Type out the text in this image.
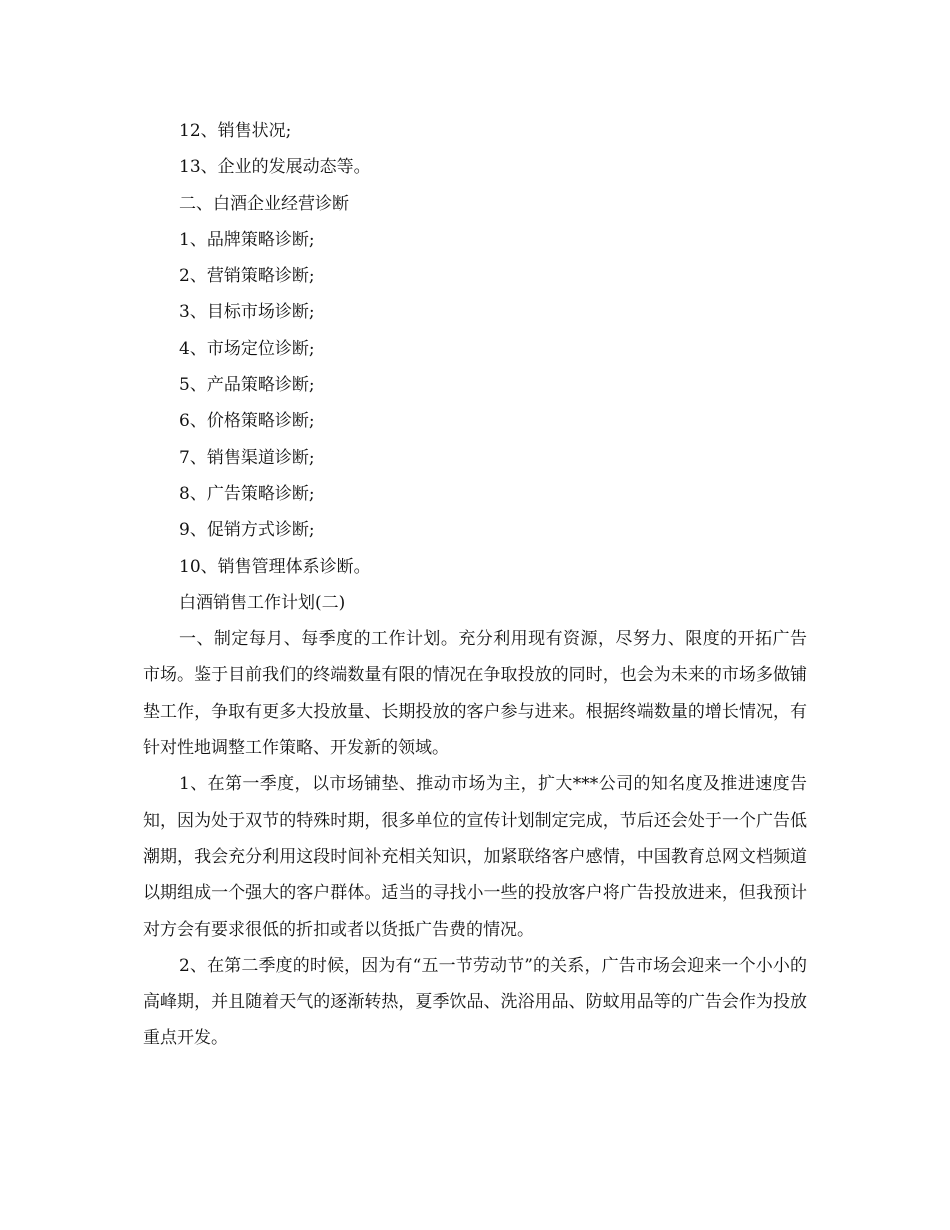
12、销售状况;

13、企业的发展动态等。

二、白酒企业经营诊断

1、品牌策略诊断;

2、营销策略诊断;

3、目标市场诊断;

4、市场定位诊断;

5、产品策略诊断;

6、价格策略诊断;

7、销售渠道诊断;

8、广告策略诊断;

9、促销方式诊断;

10、销售管理体系诊断。

白酒销售工作计划(二)

一、制定每月、每季度的工作计划。充分利用现有资源，尽努力、限度的开拓广告市场。鉴于目前我们的终端数量有限的情况在争取投放的同时，也会为未来的市场多做铺垫工作，争取有更多大投放量、长期投放的客户参与进来。根据终端数量的增长情况，有针对性地调整工作策略、开发新的领域。

1、在第一季度，以市场铺垫、推动市场为主，扩大***公司的知名度及推进速度告知，因为处于双节的特殊时期，很多单位的宣传计划制定完成，节后还会处于一个广告低潮期，我会充分利用这段时间补充相关知识，加紧联络客户感情，中国教育总网文档频道以期组成一个强大的客户群体。适当的寻找小一些的投放客户将广告投放进来，但我预计对方会有要求很低的折扣或者以货抵广告费的情况。

2、在第二季度的时候，因为有“五一节劳动节”的关系，广告市场会迎来一个小小的高峰期，并且随着天气的逐渐转热，夏季饮品、洗浴用品、防蚊用品等的广告会作为投放重点开发。
